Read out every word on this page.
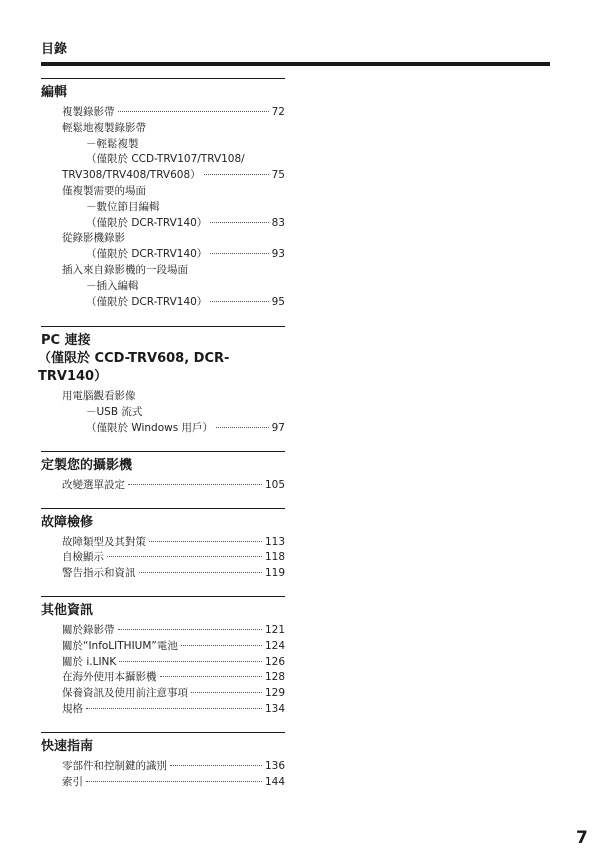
目錄
編輯
複製錄影帶	72
輕鬆地複製錄影帶
－輕鬆複製
（僅限於 CCD-TRV107/TRV108/
TRV308/TRV408/TRV608）	75
僅複製需要的場面
－數位節目編輯
（僅限於 DCR-TRV140）	83
從錄影機錄影
（僅限於 DCR-TRV140）	93
插入來自錄影機的一段場面
－插入編輯
（僅限於 DCR-TRV140）	95
PC 連接
（僅限於 CCD-TRV608, DCR-TRV140）
用電腦觀看影像
－USB 流式
（僅限於 Windows 用戶）	97
定製您的攝影機
改變選單設定	105
故障檢修
故障類型及其對策	113
自檢顯示	118
警告指示和資訊	119
其他資訊
關於錄影帶	121
關於“InfoLITHIUM”電池	124
關於 i.LINK	126
在海外使用本攝影機	128
保養資訊及使用前注意事項	129
規格	134
快速指南
零部件和控制鍵的識別	136
索引	144
7
